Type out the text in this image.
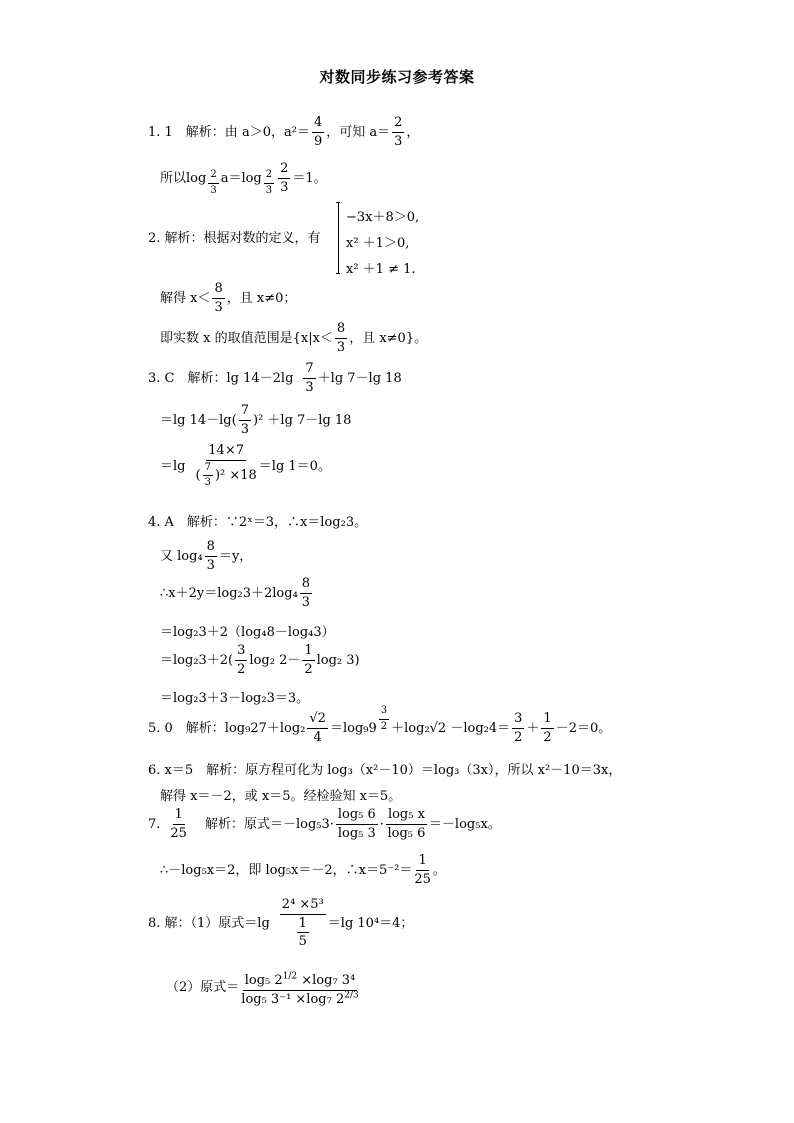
对数同步练习参考答案
1. 1　解析：由 a＞0，$a^2= \frac{4}{9}$ ，可知 $a= \frac{2}{3}$ ，
所以$\log \frac{2}{3} a=\log \frac{2}{3} \frac{2}{3} =1$。
2. 解析：根据对数的定义，有
−3x＋8＞0,
x² ＋1＞0,
x² ＋1 ≠ 1.
解得 $x< \frac{8}{3}$ ，且 x≠0；
即实数 x 的取值范围是{$x|x< \frac{8}{3}$ ，且 x≠0}。
3. C　解析：$\lg 14-2\lg \frac{7}{3} +\lg$ 7－lg 18
＝lg $14-\lg( \frac{7}{3} )^2 +\lg$ 7－lg 18
$=\lg \frac{14\times 7}{( \frac{7}{3} )^2 \times 18} =\lg$ 1＝0。
4. A　解析：∵2ˣ＝3，∴x＝log₂3。
又 $\log_4 \frac{8}{3} =y$，
∴x＋2y＝log₂3＋2log₄ $\frac{8}{3}$
＝log₂3＋2（log₄8－log₄3）
$=\log_23+2( \frac{3}{2} \log_2$ $2- \frac{1}{2} \log_2$ 3)
＝log₂3＋3－log₂3＝3。
5. 0　解析：$\log_927+\log_2 \frac{√2}{4} =\log_99 \frac{3}{2} +\log_2√2 -\log_24= \frac{3}{2} + \frac{1}{2} -2=0$。
6. x＝5　解析：原方程可化为 log₃（x²－10）＝log₃（3x），所以 x²－10＝3x，
解得 x＝－2，或 x＝5。经检验知 x＝5。
7. $\frac{1}{25}$ 解析：原式$=-\log_53\cdot \frac{\text{log₅ 6}}{\text{log₅ 3}} \cdot \frac{\text{log₅ x}}{\text{log₅ 6}} =-\log_5x$。
∴－log₅x＝2，即 log₅x＝－2，∴x＝5⁻²＝ $\frac{1}{25}$ 。
8. 解：（1）原式$=\lg \frac{\text{2⁴ ×5³}}{\frac{1}{5}} =\lg$ 10⁴＝4；
（2）原式＝ $\frac{\log_5 2^{1/2} \times\log_7 3^4}{\log_5 3^{-1} \times\log_7 2^{2/3}}$
